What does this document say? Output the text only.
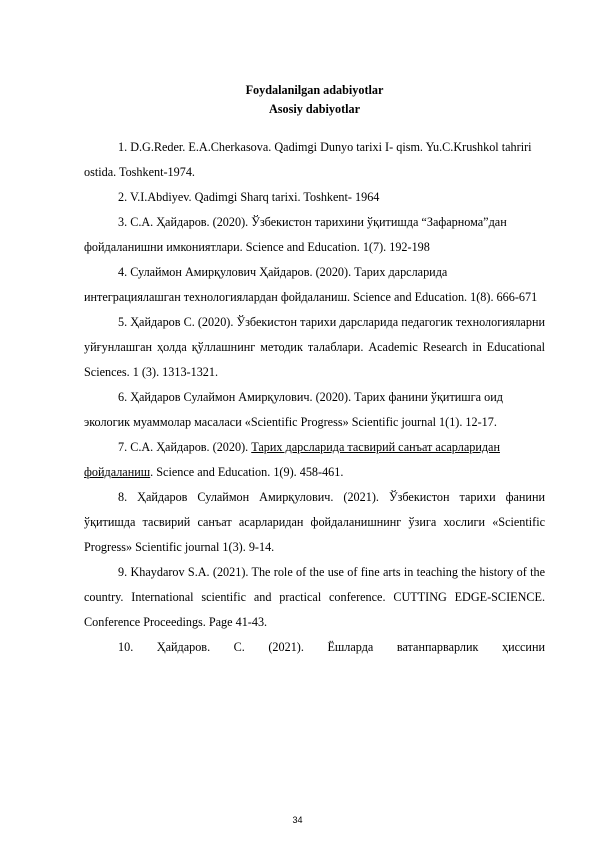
Foydalanilgan adabiyotlar
Asosiy dabiyotlar
1. D.G.Reder. E.A.Cherkasova. Qadimgi Dunyo tarixi I- qism. Yu.C.Krushkol tahriri ostida. Toshkent-1974.
2. V.I.Abdiyev. Qadimgi Sharq tarixi. Toshkent- 1964
3. С.А. Ҳайдаров. (2020). Ўзбекистон тарихини ўқитишда “Зафарнома”дан фойдаланишни имкониятлари. Science and Education. 1(7). 192-198
4. Сулаймон Амирқулович Ҳайдаров. (2020). Тарих дарсларида интеграциялашган технологиялардан фойдаланиш. Science and Education. 1(8). 666-671
5. Ҳайдаров С. (2020). Ўзбекистон тарихи дарсларида педагогик технологияларни уйғунлашган ҳолда қўллашнинг методик талаблари. Academic Research in Educational Sciences. 1 (3). 1313-1321.
6. Ҳайдаров Сулаймон Амирқулович. (2020). Тарих фанини ўқитишга оид экологик муаммолар масаласи «Scientific Progress» Scientific journal 1(1). 12-17.
7. С.А. Ҳайдаров. (2020). Тарих дарсларида тасвирий санъат асарларидан фойдаланиш. Science and Education. 1(9). 458-461.
8. Ҳайдаров Сулаймон Амирқулович. (2021). Ўзбекистон тарихи фанини ўқитишда тасвирий санъат асарларидан фойдаланишнинг ўзига хослиги «Scientific Progress» Scientific journal 1(3). 9-14.
9. Khaydarov S.A. (2021). The role of the use of fine arts in teaching the history of the country. International scientific and practical conference. CUTTING EDGE-SCIENCE. Conference Proceedings. Page 41-43.
10. Ҳайдаров. С. (2021). Ёшларда ватанпарварлик ҳиссини
34
